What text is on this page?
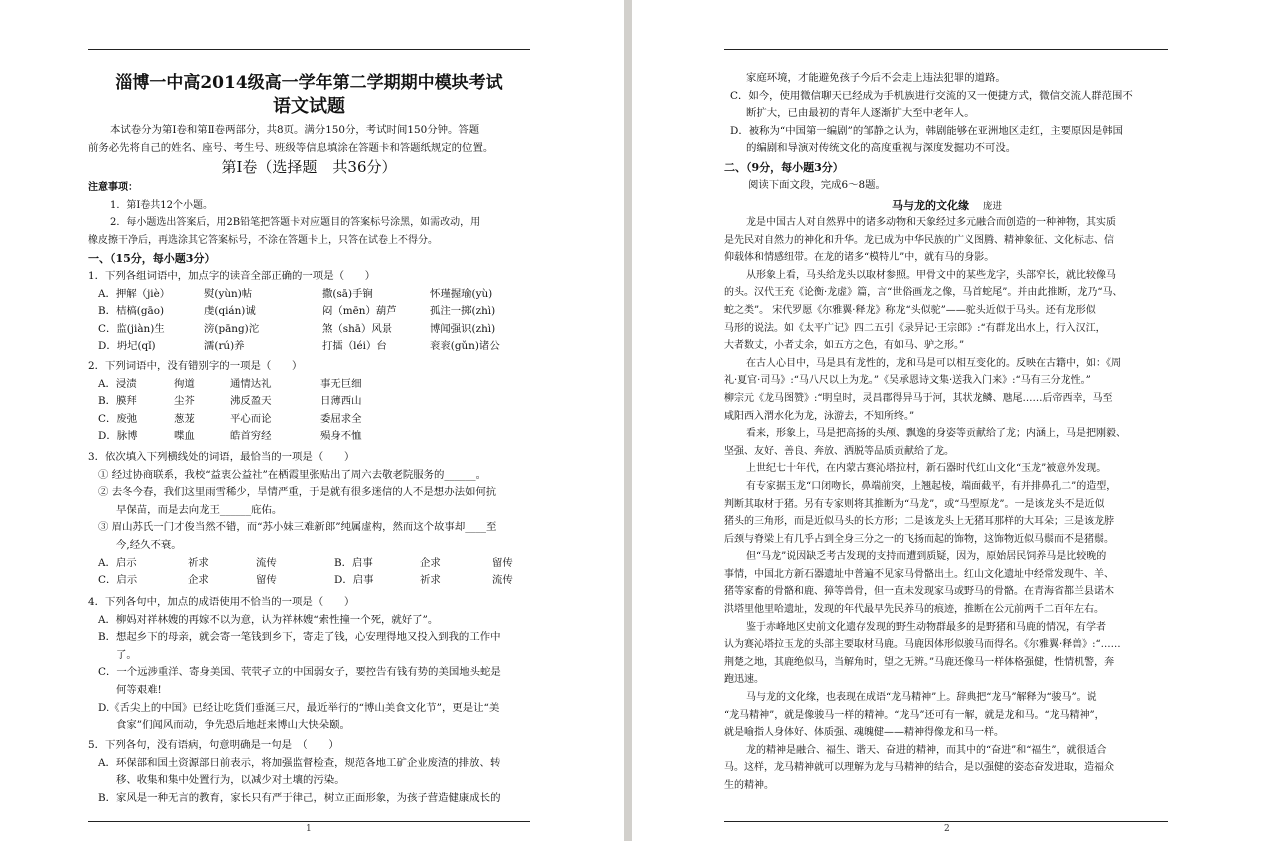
淄博一中高2014级高一学年第二学期期中模块考试
语文试题
本试卷分为第Ⅰ卷和第Ⅱ卷两部分，共8页。满分150分，考试时间150分钟。答题
前务必先将自己的姓名、座号、考生号、班级等信息填涂在答题卡和答题纸规定的位置。
第Ⅰ卷（选择题　共36分）
注意事项：
1．第Ⅰ卷共12个小题。
2．每小题选出答案后，用2B铅笔把答题卡对应题目的答案标号涂黑，如需改动，用
橡皮擦干净后，再选涂其它答案标号，不涂在答题卡上，只答在试卷上不得分。
一、（15分，每小题3分）
1．下列各组词语中，加点字的读音全部正确的一项是（　　）
A．押解（jiè）	熨(yùn)帖	撒(sā)手锏	怀瑾握瑜(yù)
B．桔槁(gāo)	虔(qián)诚	闷（mēn）葫芦	孤注一掷(zhì)
C．监(jiàn)生	滂(pāng)沱	煞（shā）风景	博闻强识(zhì)
D．坍圮(qǐ)	濡(rú)养	打擂（léi）台	衮衮(gǔn)诸公
2．下列词语中，没有错别字的一项是（　　）
A．浸渍	徇道	通情达礼	事无巨细
B．膜拜	尘芥	沸反盈天	日薄西山
C．废弛	葱茏	平心而论	委屈求全
D．脉博	喋血	皓首穷经	殒身不恤
3．依次填入下列横线处的词语，最恰当的一项是（　　）
① 经过协商联系，我校“益衷公益社”在栖霞里张贴出了周六去敬老院服务的______。
② 去冬今春，我们这里雨雪稀少，旱情严重，于是就有很多迷信的人不是想办法如何抗
早保苗，而是去向龙王______庇佑。
③ 眉山苏氏一门才俊当然不错，而“苏小妹三难新郎”纯属虚构，然而这个故事却____至
今,经久不衰。
A．启示	祈求	流传	B．启事	企求	留传
C．启示	企求	留传	D．启事	祈求	流传
4．下列各句中，加点的成语使用不恰当的一项是（　　）
A．柳妈对祥林嫂的再嫁不以为意，认为祥林嫂“索性撞一个死，就好了”。
B．想起乡下的母亲，就会寄一笔钱到乡下，寄走了钱，心安理得地又投入到我的工作中
了。
C．一个远涉重洋、寄身美国、茕茕孑立的中国弱女子，要控告有钱有势的美国地头蛇是
何等艰难!
D.《舌尖上的中国》已经让吃货们垂涎三尺，最近举行的“博山美食文化节”，更是让“美
食家”们闻风而动，争先恐后地赶来博山大快朵颐。
5．下列各句，没有语病，句意明确是一句是　（　　）
A．环保部和国土资源部日前表示，将加强监督检查，规范各地工矿企业废渣的排放、转
移、收集和集中处置行为，以减少对土壤的污染。
B．家风是一种无言的教育，家长只有严于律己，树立正面形象，为孩子营造健康成长的
1
家庭环境，才能避免孩子今后不会走上违法犯罪的道路。
C．如今，使用微信聊天已经成为手机族进行交流的又一便捷方式，微信交流人群范围不
断扩大，已由最初的青年人逐渐扩大至中老年人。
D．被称为“中国第一编剧”的邹静之认为，韩剧能够在亚洲地区走红，主要原因是韩国
的编剧和导演对传统文化的高度重视与深度发掘功不可没。
二、（9分，每小题3分）
阅读下面文段，完成6～8题。
龙是中国古人对自然界中的诸多动物和天象经过多元融合而创造的一种神物，其实质
是先民对自然力的神化和升华。龙已成为中华民族的广义图腾、精神象征、文化标志、信
仰载体和情感纽带。在龙的诸多“模特儿”中，就有马的身影。
从形象上看，马头给龙头以取材参照。甲骨文中的某些龙字，头部窄长，就比较像马
的头。汉代王充《论衡·龙虚》篇，言“世俗画龙之像，马首蛇尾”。并由此推断，龙乃“马、
蛇之类”。 宋代罗愿《尔雅翼·释龙》称龙“头似驼”——驼头近似于马头。还有龙形似
马形的说法。如《太平广记》四二五引《录异记·王宗郎》:“有群龙出水上，行入汉江，
大者数丈，小者丈余，如五方之色，有如马、驴之形。”
在古人心目中，马是具有龙性的，龙和马是可以相互变化的。反映在古籍中，如：《周
礼·夏官·司马》:“马八尺以上为龙。”《吴承恩诗文集·送我入门来》:“马有三分龙性。”
柳宗元《龙马图赞》:“明皇时，灵昌郡得异马于河，其状龙鳞、虺尾……后帝西幸，马至
咸阳西入渭水化为龙，泳游去，不知所终。”
看来，形象上，马是把高扬的头颅、飘逸的身姿等贡献给了龙；内涵上，马是把刚毅、
坚强、友好、善良、奔放、洒脱等品质贡献给了龙。
上世纪七十年代，在内蒙古赛沁塔拉村，新石器时代红山文化“玉龙”被意外发现。
有专家据玉龙“口闭吻长，鼻端前突，上翘起棱，端面截平，有并排鼻孔二”的造型，
判断其取材于猪。另有专家则将其推断为“马龙”，或“马型原龙”。一是该龙头不是近似
猪头的三角形，而是近似马头的长方形；二是该龙头上无猪耳那样的大耳朵；三是该龙脖
后颈与脊梁上有几乎占到全身三分之一的飞扬而起的饰物，这饰物近似马鬃而不是猪鬃。
但“马龙”说因缺乏考古发现的支持而遭到质疑，因为，原始居民饲养马是比较晚的
事情，中国北方新石器遗址中普遍不见家马骨骼出土。红山文化遗址中经常发现牛、羊、
猪等家畜的骨骼和鹿、獐等兽骨，但一直未发现家马或野马的骨骼。在青海省都兰县诺木
洪塔里他里哈遗址，发现的年代最早先民养马的痕迹，推断在公元前两千二百年左右。
鉴于赤峰地区史前文化遗存发现的野生动物群最多的是野猪和马鹿的情况，有学者
认为赛沁塔拉玉龙的头部主要取材马鹿。马鹿因体形似骏马而得名。《尔雅翼·释兽》:“……
荆楚之地，其鹿绝似马，当解角时，望之无辨。”马鹿还像马一样体格强健，性情机警，奔
跑迅速。
马与龙的文化缘，也表现在成语“龙马精神”上。辞典把“龙马”解释为“骏马”。说
“龙马精神”，就是像骏马一样的精神。“龙马”还可有一解，就是龙和马。“龙马精神”，
就是喻指人身体好、体质强、魂魄健——精神得像龙和马一样。
龙的精神是融合、福生、谐天、奋进的精神，而其中的“奋进”和“福生”，就很适合
马。这样，龙马精神就可以理解为龙与马精神的结合，是以强健的姿态奋发进取，造福众
生的精神。
2
马与龙的文化缘 庞进
